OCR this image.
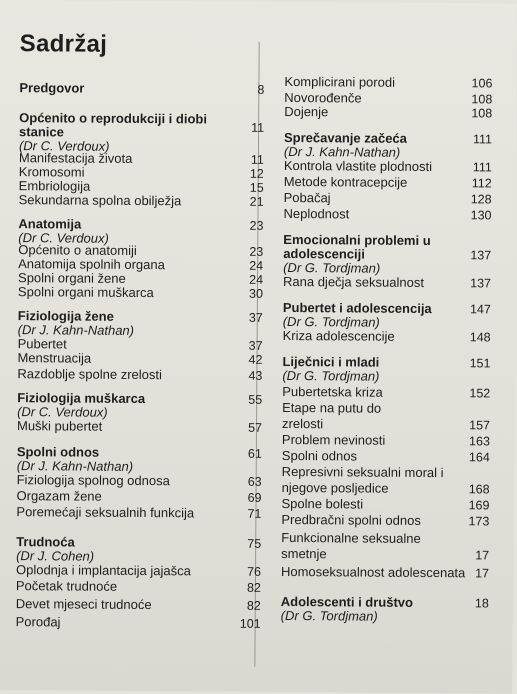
Sadržaj
Predgovor	8
Općenito o reprodukciji i diobi
stanice	11
(Dr C. Verdoux)
Manifestacija života	11
Kromosomi	12
Embriologija	15
Sekundarna spolna obilježja	21
Anatomija	23
(Dr C. Verdoux)
Općenito o anatomiji	23
Anatomija spolnih organa	24
Spolni organi žene	24
Spolni organi muškarca	30
Fiziologija žene	37
(Dr J. Kahn-Nathan)
Pubertet	37
Menstruacija	42
Razdoblje spolne zrelosti	43
Fiziologija muškarca	55
(Dr C. Verdoux)
Muški pubertet	57
Spolni odnos	61
(Dr J. Kahn-Nathan)
Fiziologija spolnog odnosa	63
Orgazam žene	69
Poremećaji seksualnih funkcija	71
Trudnoća	75
(Dr J. Cohen)
Oplodnja i implantacija jajašca	76
Početak trudnoće	82
Devet mjeseci trudnoće	82
Porođaj	101
Komplicirani porodi	106
Novorođenče	108
Dojenje	108
Sprečavanje začeća	111
(Dr J. Kahn-Nathan)
Kontrola vlastite plodnosti	111
Metode kontracepcije	112
Pobačaj	128
Neplodnost	130
Emocionalni problemi u
adolescenciji	137
(Dr G. Tordjman)
Rana dječja seksualnost	137
Pubertet i adolescencija	147
(Dr G. Tordjman)
Kriza adolescencije	148
Liječnici i mladi	151
(Dr G. Tordjman)
Pubertetska kriza	152
Etape na putu do
zrelosti	157
Problem nevinosti	163
Spolni odnos	164
Represivni seksualni moral i
njegove posljedice	168
Spolne bolesti	169
Predbračni spolni odnos	173
Funkcionalne seksualne
smetnje	17
Homoseksualnost adolescenata 17
Adolescenti i društvo	18
(Dr G. Tordjman)
